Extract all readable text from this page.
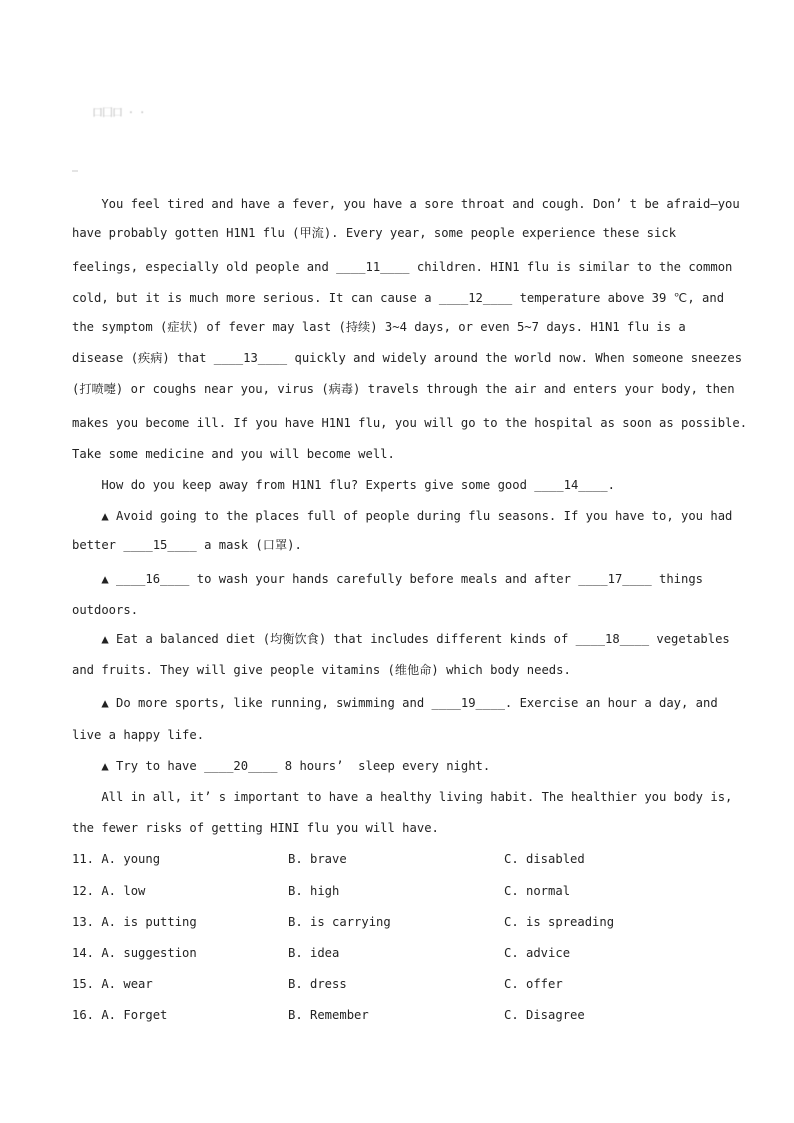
口囗口 · ·
You feel tired and have a fever, you have a sore throat and cough. Don’ t be afraid—you
have probably gotten H1N1 flu (甲流). Every year, some people experience these sick
feelings, especially old people and ____11____ children. HIN1 flu is similar to the common
cold, but it is much more serious. It can cause a ____12____ temperature above 39 ℃, and
the symptom (症状) of fever may last (持续) 3~4 days, or even 5~7 days. H1N1 flu is a
disease (疾病) that ____13____ quickly and widely around the world now. When someone sneezes
(打喷嚏) or coughs near you, virus (病毒) travels through the air and enters your body, then
makes you become ill. If you have H1N1 flu, you will go to the hospital as soon as possible.
Take some medicine and you will become well.
How do you keep away from H1N1 flu? Experts give some good ____14____.
▲ Avoid going to the places full of people during flu seasons. If you have to, you had
better ____15____ a mask (口罩).
▲ ____16____ to wash your hands carefully before meals and after ____17____ things
outdoors.
▲ Eat a balanced diet (均衡饮食) that includes different kinds of ____18____ vegetables
and fruits. They will give people vitamins (维他命) which body needs.
▲ Do more sports, like running, swimming and ____19____. Exercise an hour a day, and
live a happy life.
▲ Try to have ____20____ 8 hours’  sleep every night.
All in all, it’ s important to have a healthy living habit. The healthier you body is,
the fewer risks of getting HINI flu you will have.
11. A. young	B. brave	C. disabled
12. A. low	B. high	C. normal
13. A. is putting	B. is carrying	C. is spreading
14. A. suggestion	B. idea	C. advice
15. A. wear	B. dress	C. offer
16. A. Forget	B. Remember	C. Disagree
